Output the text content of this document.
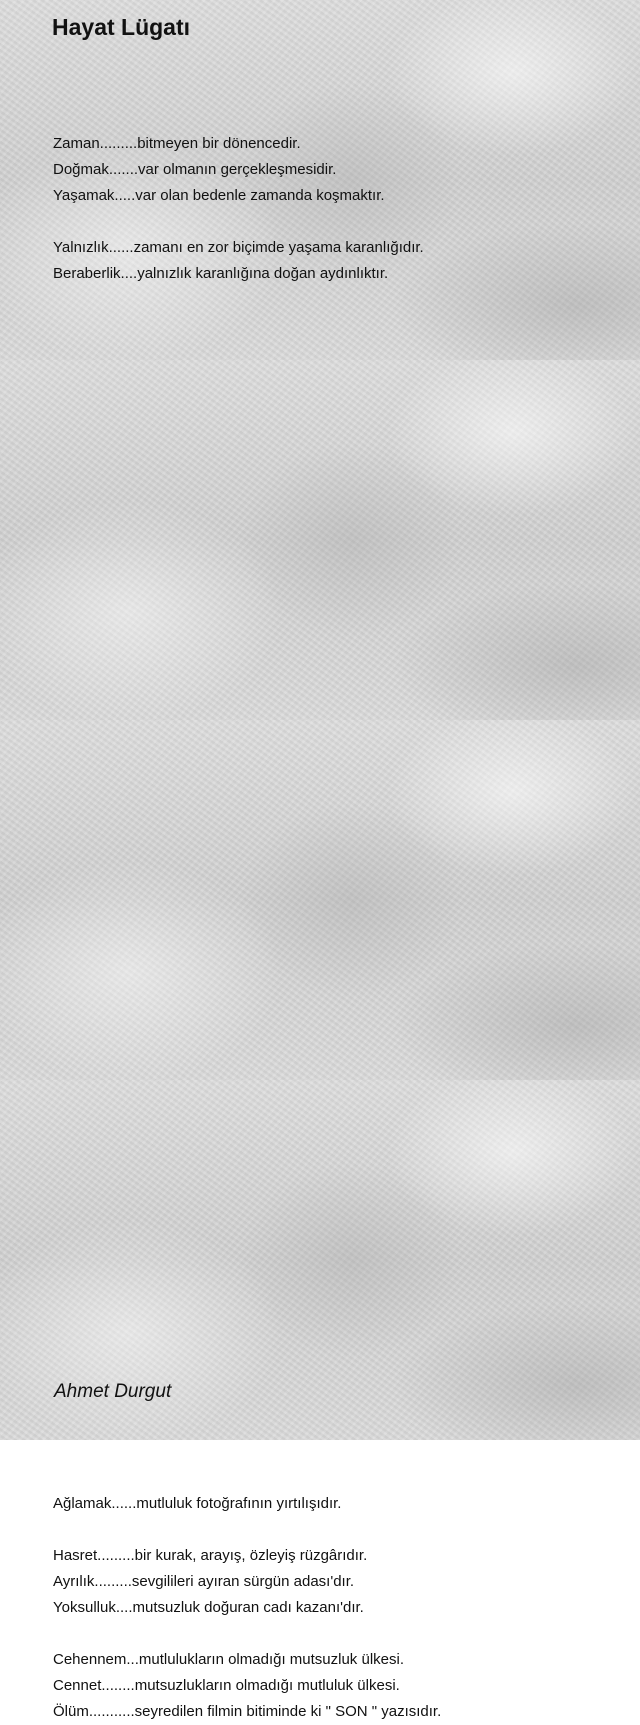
Hayat Lügatı
Zaman.........bitmeyen bir dönencedir.
Doğmak.......var olmanın gerçekleşmesidir.
Yaşamak.....var olan bedenle zamanda koşmaktır.
Yalnızlık......zamanı en zor biçimde yaşama karanlığıdır.
Beraberlik....yalnızlık karanlığına doğan aydınlıktır.
Ağlamak......mutluluk fotoğrafının yırtılışıdır.
Hasret.........bir kurak, arayış, özleyiş rüzgârıdır.
Ayrılık.........sevgilileri ayıran sürgün adası'dır.
Yoksulluk....mutsuzluk doğuran cadı kazanı'dır.
Cehennem...mutlulukların olmadığı mutsuzluk ülkesi.
Cennet........mutsuzlukların olmadığı mutluluk ülkesi.
Ölüm...........seyredilen filmin bitiminde ki " SON " yazısıdır.
Ahmet Durgut
